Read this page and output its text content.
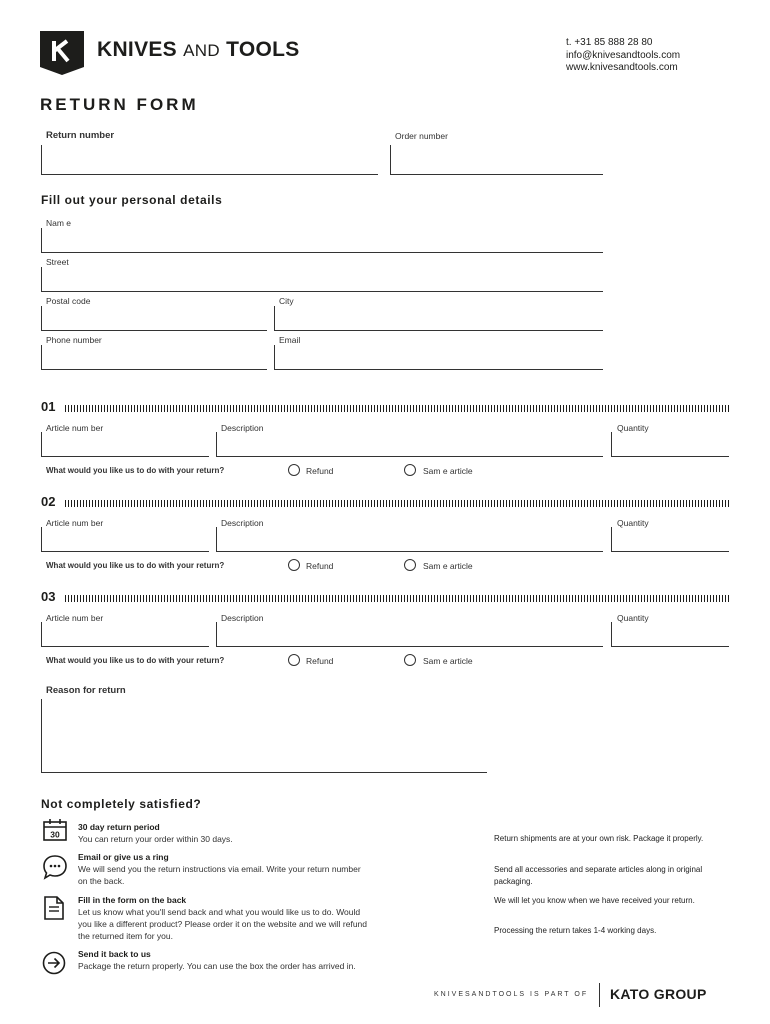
KNIVES AND TOOLS	t. +31 85 888 28 80
info@knivesandtools.com
www.knivesandtools.com
RETURN FORM
Return number	Order number
Fill out your personal details
Nam e
Street
Postal code	City
Phone number	Email
01
Article num ber	Description	Quantity
What would you like us to do with your return?	Refund	Sam e article
02
Article num ber	Description	Quantity
What would you like us to do with your return?	Refund	Sam e article
03
Article num ber	Description	Quantity
What would you like us to do with your return?	Refund	Sam e article
Reason for return
Not completely satisfied?
30
30 day return period
You can return your order within 30 days.
Email or give us a ring
We will send you the return instructions via email. Write your return number
on the back.
Fill in the form on the back
Let us know what you'll send back and what you would like us to do. Would
you like a different product? Please order it on the website and we will refund
the returned item for you.
Send it back to us
Package the return properly. You can use the box the order has arrived in.
Return shipments are at your own risk. Package it properly.
Send all accessories and separate articles along in original packaging.
We will let you know when we have received your return.
Processing the return takes 1-4 working days.
KNIVESANDTOOLS IS PART OF KATO GROUP
